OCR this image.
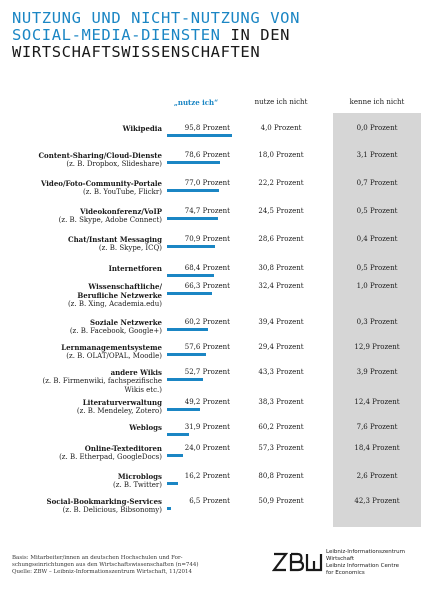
NUTZUNG UND NICHT-NUTZUNG VON
SOCIAL-MEDIA-DIENSTEN IN DEN
WIRTSCHAFTSWISSENSCHAFTEN
„nutze ich“	nutze ich nicht	kenne ich nicht
Wikipedia	95,8 Prozent	4,0 Prozent	0,0 Prozent
Content-Sharing/Cloud-Dienste
(z. B. Dropbox, Slideshare)
78,6 Prozent	18,0 Prozent	3,1 Prozent
Video/Foto-Community-Portale
(z. B. YouTube, Flickr)
77,0 Prozent	22,2 Prozent	0,7 Prozent
Videokonferenz/VoIP
(z. B. Skype, Adobe Connect)
74,7 Prozent	24,5 Prozent	0,5 Prozent
Chat/Instant Messaging
(z. B. Skype, ICQ)
70,9 Prozent	28,6 Prozent	0,4 Prozent
Internetforen	68,4 Prozent	30,8 Prozent	0,5 Prozent
Wissenschaftliche/
Berufliche Netzwerke
(z. B. Xing, Academia.edu)
66,3 Prozent	32,4 Prozent	1,0 Prozent
Soziale Netzwerke
(z. B. Facebook, Google+)
60,2 Prozent	39,4 Prozent	0,3 Prozent
Lernmanagementsysteme
(z. B. OLAT/OPAL, Moodle)
57,6 Prozent	29,4 Prozent	12,9 Prozent
andere Wikis
(z. B. Firmenwiki, fachspezifische
Wikis etc.)
52,7 Prozent	43,3 Prozent	3,9 Prozent
Literaturverwaltung
(z. B. Mendeley, Zotero)
49,2 Prozent	38,3 Prozent	12,4 Prozent
Weblogs	31,9 Prozent	60,2 Prozent	7,6 Prozent
Online-Texteditoren
(z. B. Etherpad, GoogleDocs)
24,0 Prozent	57,3 Prozent	18,4 Prozent
Microblogs
(z. B. Twitter)
16,2 Prozent	80,8 Prozent	2,6 Prozent
Social-Bookmarking-Services
(z. B. Delicious, Bibsonomy)
6,5 Prozent	50,9 Prozent	42,3 Prozent
Basis: Mitarbeiter/innen an deutschen Hochschulen und For-
schungseinrichtungen aus den Wirtschaftswissenschaften (n=744)
Quelle: ZBW – Leibniz-Informationszentrum Wirtschaft, 11/2014
Leibniz-Informationszentrum
Wirtschaft
Leibniz Information Centre
for Economics
